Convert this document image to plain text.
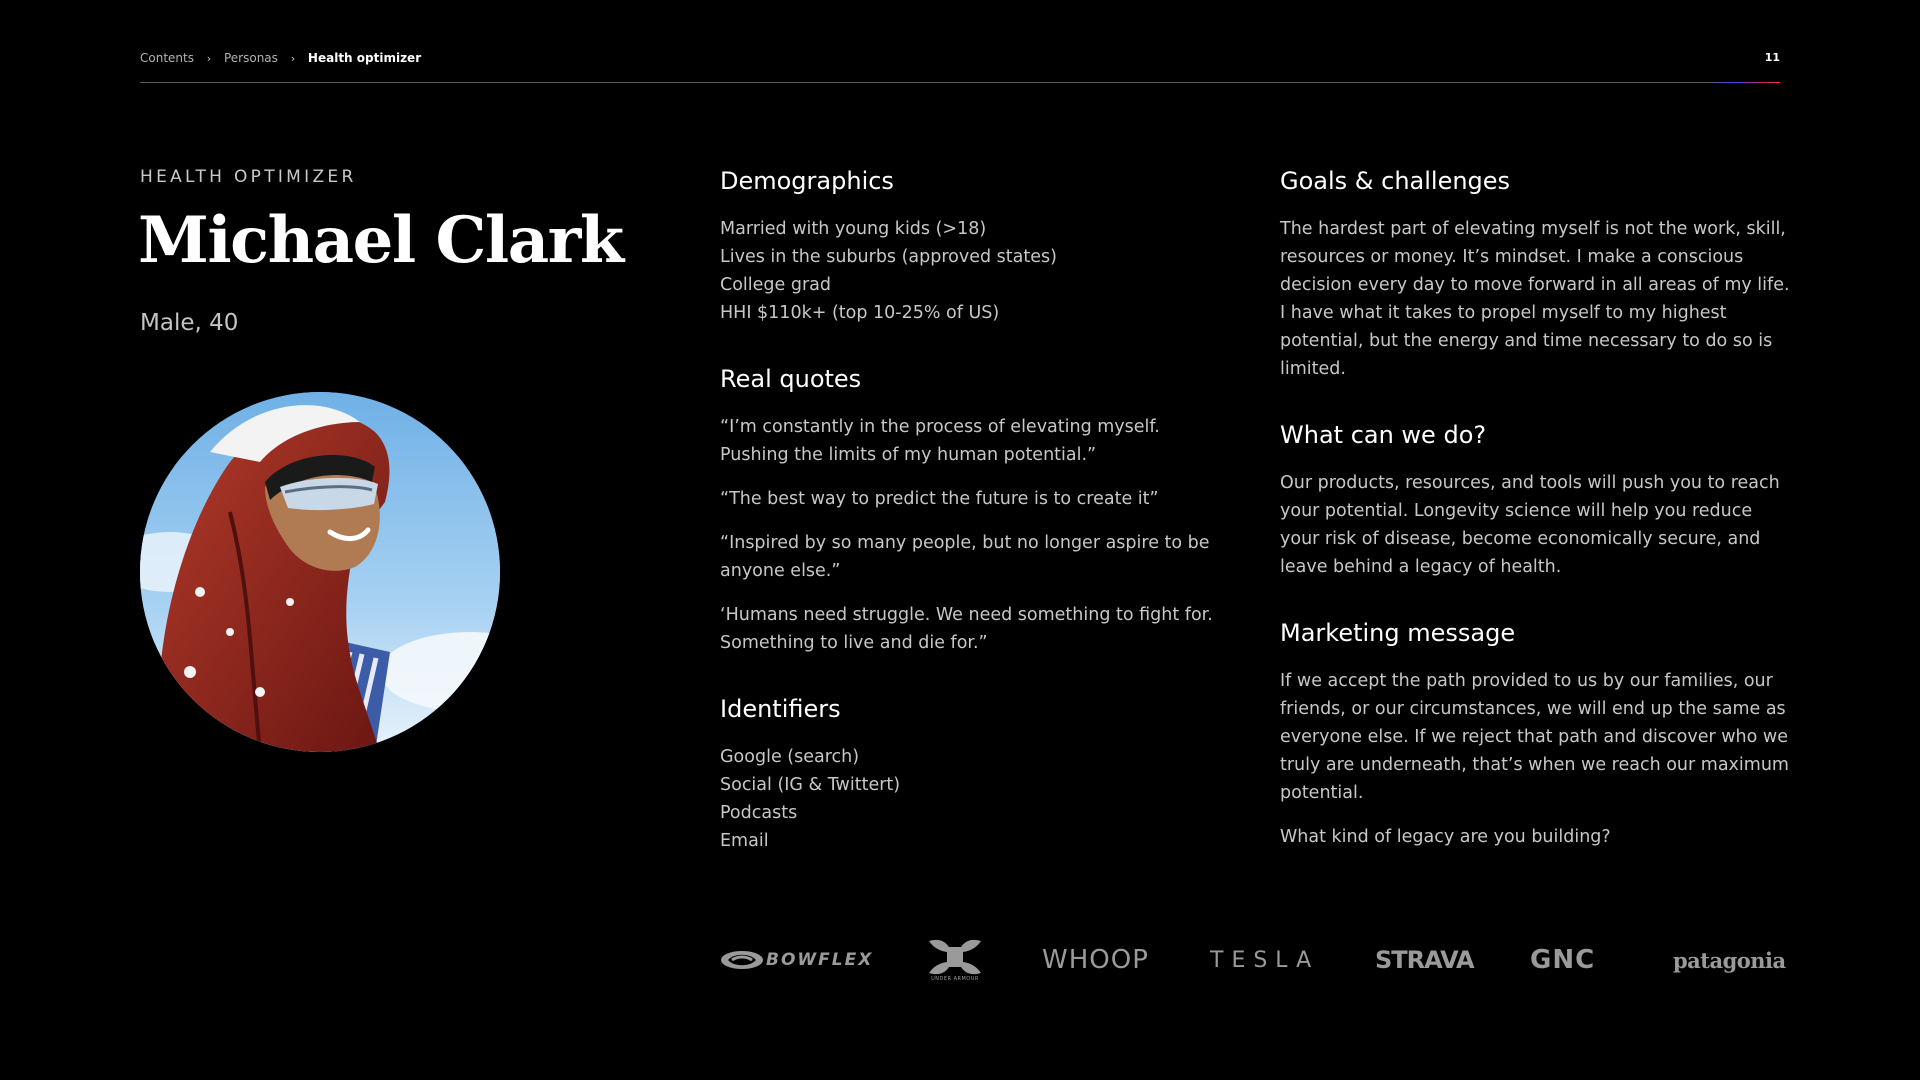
Contents	›	Personas	›	Health optimizer	11
HEALTH OPTIMIZER
Michael Clark
Male, 40
Demographics
Married with young kids (>18)
Lives in the suburbs (approved states)
College grad
HHI $110k+ (top 10-25% of US)
Real quotes

“I’m constantly in the process of elevating myself. Pushing the limits of my human potential.”

“The best way to predict the future is to create it”

“Inspired by so many people, but no longer aspire to be anyone else.”

‘Humans need struggle. We need something to fight for. Something to live and die for.”

Identifiers
Google (search)
Social (IG & Twittert)
Podcasts
Email
Goals & challenges

The hardest part of elevating myself is not the work, skill, resources or money. It’s mindset. I make a conscious decision every day to move forward in all areas of my life. I have what it takes to propel myself to my highest potential, but the energy and time necessary to do so is limited.

What can we do?

Our products, resources, and tools will push you to reach your potential. Longevity science will help you reduce your risk of disease, become economically secure, and leave behind a legacy of health.

Marketing message

If we accept the path provided to us by our families, our friends, or our circumstances, we will end up the same as everyone else. If we reject that path and discover who we truly are underneath, that’s when we reach our maximum potential.

What kind of legacy are you building?

BOWFLEX
UNDER ARMOUR
WHOOP	TESLA STRAVA GNC	patagonia
